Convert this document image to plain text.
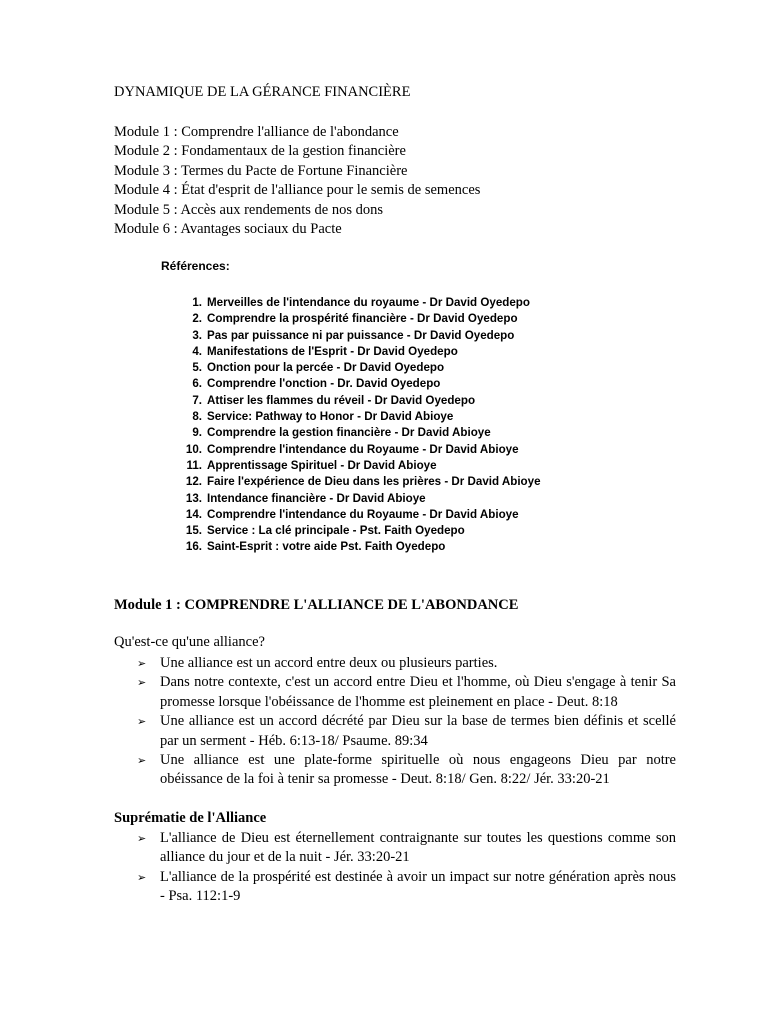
DYNAMIQUE DE LA GÉRANCE FINANCIÈRE
Module 1 : Comprendre l'alliance de l'abondance
Module 2 : Fondamentaux de la gestion financière
Module 3 : Termes du Pacte de Fortune Financière
Module 4 : État d'esprit de l'alliance pour le semis de semences
Module 5 : Accès aux rendements de nos dons
Module 6 : Avantages sociaux du Pacte
Références:
1. Merveilles de l'intendance du royaume - Dr David Oyedepo
2. Comprendre la prospérité financière - Dr David Oyedepo
3. Pas par puissance ni par puissance - Dr David Oyedepo
4. Manifestations de l'Esprit - Dr David Oyedepo
5. Onction pour la percée - Dr David Oyedepo
6. Comprendre l'onction - Dr. David Oyedepo
7. Attiser les flammes du réveil - Dr David Oyedepo
8. Service: Pathway to Honor - Dr David Abioye
9. Comprendre la gestion financière - Dr David Abioye
10. Comprendre l'intendance du Royaume - Dr David Abioye
11. Apprentissage Spirituel - Dr David Abioye
12. Faire l'expérience de Dieu dans les prières - Dr David Abioye
13. Intendance financière - Dr David Abioye
14. Comprendre l'intendance du Royaume - Dr David Abioye
15. Service : La clé principale - Pst. Faith Oyedepo
16. Saint-Esprit : votre aide Pst. Faith Oyedepo
Module 1 : COMPRENDRE L'ALLIANCE DE L'ABONDANCE
Qu'est-ce qu'une alliance?
➢ Une alliance est un accord entre deux ou plusieurs parties.
➢ Dans notre contexte, c'est un accord entre Dieu et l'homme, où Dieu s'engage à tenir Sa promesse lorsque l'obéissance de l'homme est pleinement en place - Deut. 8:18
➢ Une alliance est un accord décrété par Dieu sur la base de termes bien définis et scellé par un serment - Héb. 6:13-18/ Psaume. 89:34
➢ Une alliance est une plate-forme spirituelle où nous engageons Dieu par notre obéissance de la foi à tenir sa promesse - Deut. 8:18/ Gen. 8:22/ Jér. 33:20-21
Suprématie de l'Alliance
➢ L'alliance de Dieu est éternellement contraignante sur toutes les questions comme son alliance du jour et de la nuit - Jér. 33:20-21
➢ L'alliance de la prospérité est destinée à avoir un impact sur notre génération après nous - Psa. 112:1-9
